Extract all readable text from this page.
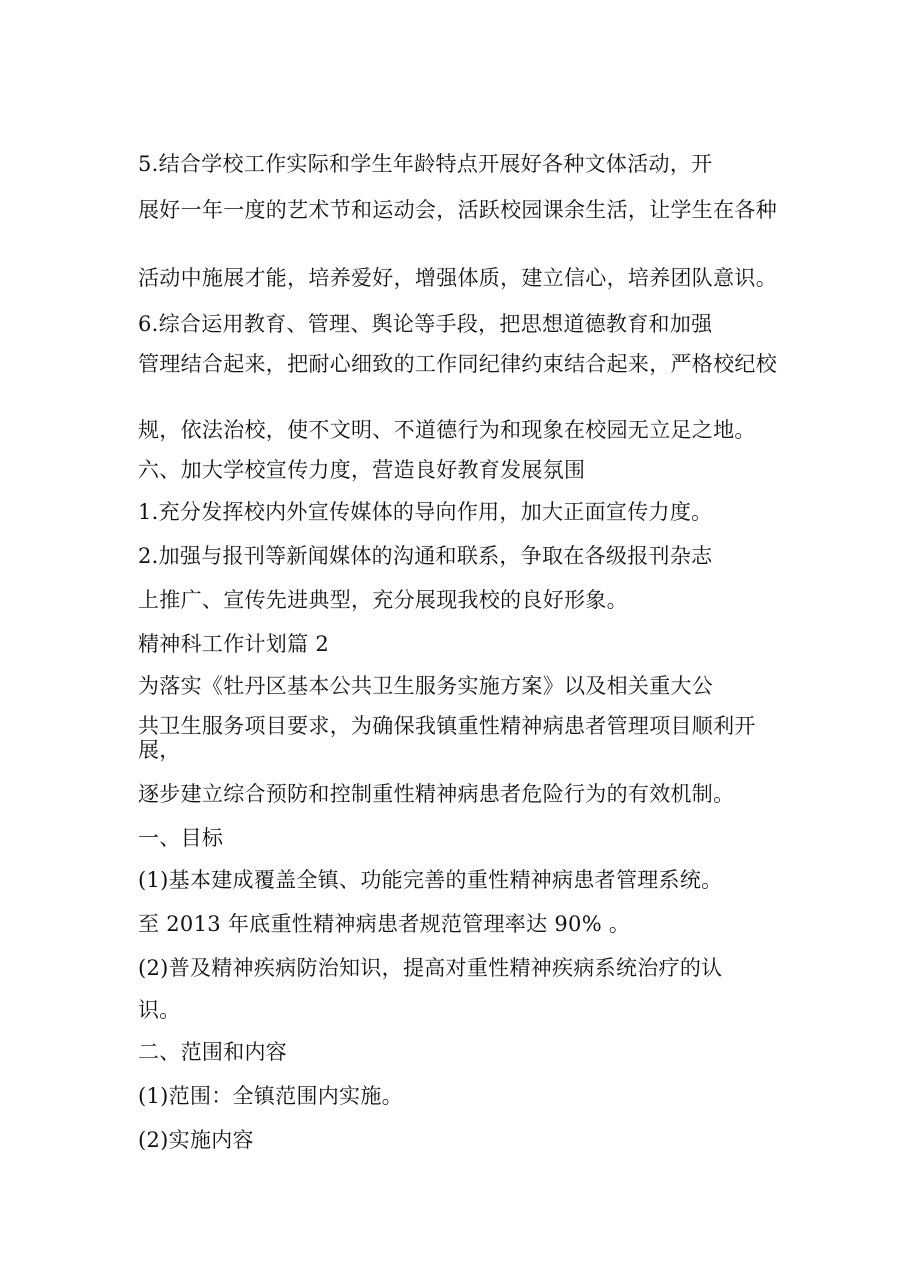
5.结合学校工作实际和学生年龄特点开展好各种文体活动，开
展好一年一度的艺术节和运动会，活跃校园课余生活，让学生在各种
活动中施展才能，培养爱好，增强体质，建立信心，培养团队意识。
6.综合运用教育、管理、舆论等手段，把思想道德教育和加强
管理结合起来，把耐心细致的工作同纪律约束结合起来，严格校纪校
规，依法治校，使不文明、不道德行为和现象在校园无立足之地。
六、加大学校宣传力度，营造良好教育发展氛围
1.充分发挥校内外宣传媒体的导向作用，加大正面宣传力度。
2.加强与报刊等新闻媒体的沟通和联系，争取在各级报刊杂志
上推广、宣传先进典型，充分展现我校的良好形象。
精神科工作计划篇 2
为落实《牡丹区基本公共卫生服务实施方案》以及相关重大公
共卫生服务项目要求，为确保我镇重性精神病患者管理项目顺利开展，
逐步建立综合预防和控制重性精神病患者危险行为的有效机制。
一、目标
(1)基本建成覆盖全镇、功能完善的重性精神病患者管理系统。
至 2013 年底重性精神病患者规范管理率达 90% 。
(2)普及精神疾病防治知识，提高对重性精神疾病系统治疗的认
识。
二、范围和内容
(1)范围：全镇范围内实施。
(2)实施内容
